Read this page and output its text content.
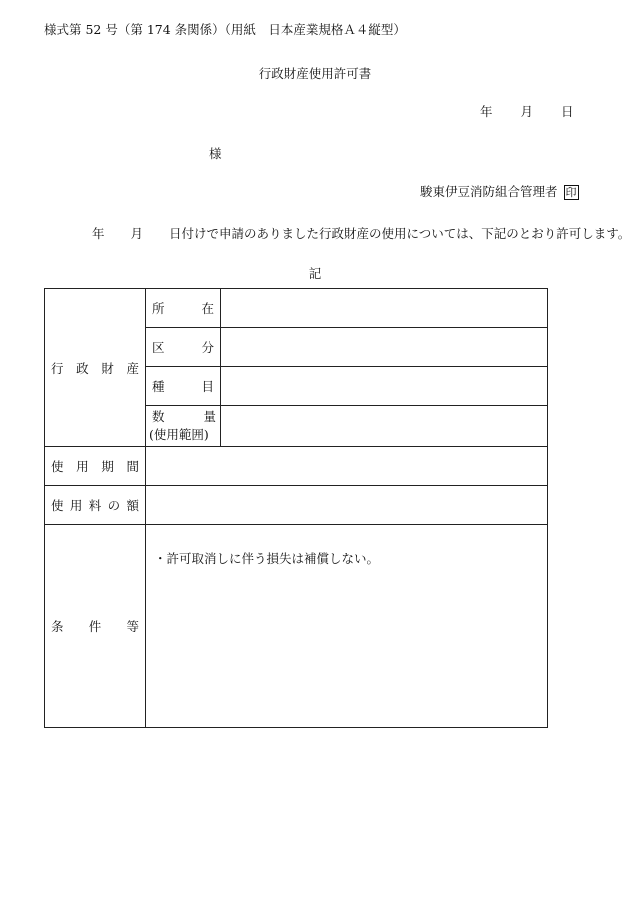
様式第 52 号（第 174 条関係）（用紙　日本産業規格Ａ４縦型）
行政財産使用許可書
年 月 日
様
駿東伊豆消防組合管理者 印
年 月 日付けで申請のありました行政財産の使用については、下記のとおり許可します。
記
行 政 財 産	所 在	

	区 分	

	種 目	

	数 量
(使用範囲)	

使 用 期 間		

使 用 料 の 額		

条 件 等	・許可取消しに伴う損失は補償しない。	
